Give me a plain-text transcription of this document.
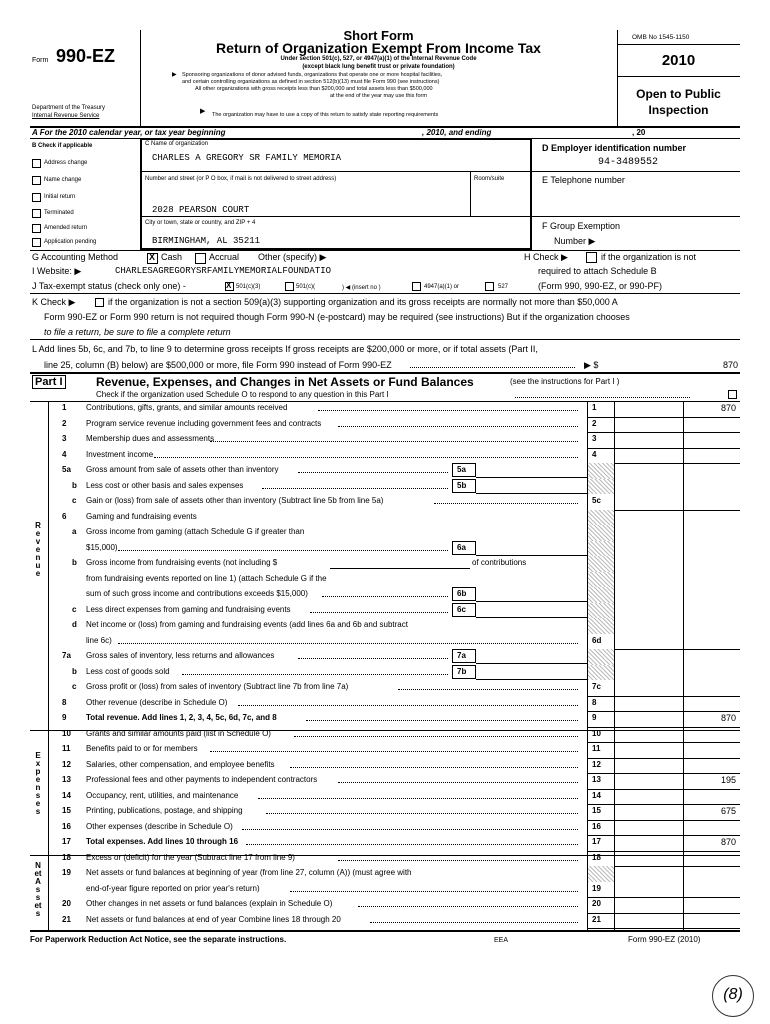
Form 990-EZ
Department of the Treasury
Internal Revenue Service
Short Form
Return of Organization Exempt From Income Tax
Under section 501(c), 527, or 4947(a)(1) of the Internal Revenue Code
(except black lung benefit trust or private foundation)
▶ Sponsoring organizations of donor advised funds, organizations that operate one or more hospital facilities,
and certain controlling organizations as defined in section 512(b)(13) must file Form 990 (see instructions)
All other organizations with gross receipts less than $200,000 and total assets less than $500,000
at the end of the year may use this form
▶ The organization may have to use a copy of this return to satisfy state reporting requirements
OMB No 1545-1150
2010
Open to Public
Inspection
A For the 2010 calendar year, or tax year beginning	, 2010, and ending	, 20
B Check if applicable
Address change
Name change
Initial return
Terminated
Amended return
Application pending
C Name of organization
CHARLES A GREGORY SR FAMILY MEMORIA
Number and street (or P O box, if mail is not delivered to street address)	Room/suite
2028 PEARSON COURT
City or town, state or country, and ZIP + 4
BIRMINGHAM, AL 35211
D Employer identification number
94-3489552
E Telephone number
F Group Exemption
Number ▶
G Accounting Method	X Cash	Accrual Other (specify) ▶	H Check ▶	if the organization is not
required to attach Schedule B
(Form 990, 990-EZ, or 990-PF)
I Website: ▶	CHARLESAGREGORYSRFAMILYMEMORIALFOUNDATIO
J Tax-exempt status (check only one) -	X 501(c)(3)	501(c)(	) ◀ (insert no )	4947(a)(1) or	527
K Check ▶	if the organization is not a section 509(a)(3) supporting organization and its gross receipts are normally not more than $50,000 A
Form 990-EZ or Form 990 return is not required though Form 990-N (e-postcard) may be required (see instructions) But if the organization chooses
to file a return, be sure to file a complete return
L Add lines 5b, 6c, and 7b, to line 9 to determine gross receipts If gross receipts are $200,000 or more, or if total assets (Part II,
line 25, column (B) below) are $500,000 or more, file Form 990 instead of Form 990-EZ	▶ $	870
Part I	Revenue, Expenses, and Changes in Net Assets or Fund Balances	(see the instructions for Part I )
Check if the organization used Schedule O to respond to any question in this Part I
Revenue
Expenses
NetAssets
1 Contributions, gifts, grants, and similar amounts received	1	870
2 Program service revenue including government fees and contracts	2
3 Membership dues and assessments	3
4 Investment income	4
5a Gross amount from sale of assets other than inventory	5a
b Less cost or other basis and sales expenses	5b
c Gain or (loss) from sale of assets other than inventory (Subtract line 5b from line 5a)	5c
6 Gaming and fundraising events
a Gross income from gaming (attach Schedule G if greater than
$15,000)	6a
b Gross income from fundraising events (not including $	of contributions
from fundraising events reported on line 1) (attach Schedule G if the
sum of such gross income and contributions exceeds $15,000)	6b
c Less direct expenses from gaming and fundraising events	6c
d Net income or (loss) from gaming and fundraising events (add lines 6a and 6b and subtract
line 6c)	6d
7a Gross sales of inventory, less returns and allowances	7a
b Less cost of goods sold	7b
c Gross profit or (loss) from sales of inventory (Subtract line 7b from line 7a)	7c
8 Other revenue (describe in Schedule O)	8
9 Total revenue. Add lines 1, 2, 3, 4, 5c, 6d, 7c, and 8	9	870
10 Grants and similar amounts paid (list in Schedule O)	10
11 Benefits paid to or for members	11
12 Salaries, other compensation, and employee benefits	12
13 Professional fees and other payments to independent contractors	13	195
14 Occupancy, rent, utilities, and maintenance	14
15 Printing, publications, postage, and shipping	15	675
16 Other expenses (describe in Schedule O)	16
17 Total expenses. Add lines 10 through 16	17	870
18 Excess or (deficit) for the year (Subtract line 17 from line 9)	18
19 Net assets or fund balances at beginning of year (from line 27, column (A)) (must agree with
end-of-year figure reported on prior year's return)	19
20 Other changes in net assets or fund balances (explain in Schedule O)	20
21 Net assets or fund balances at end of year Combine lines 18 through 20	21
For Paperwork Reduction Act Notice, see the separate instructions.	EEA	Form 990-EZ (2010)
(8)
